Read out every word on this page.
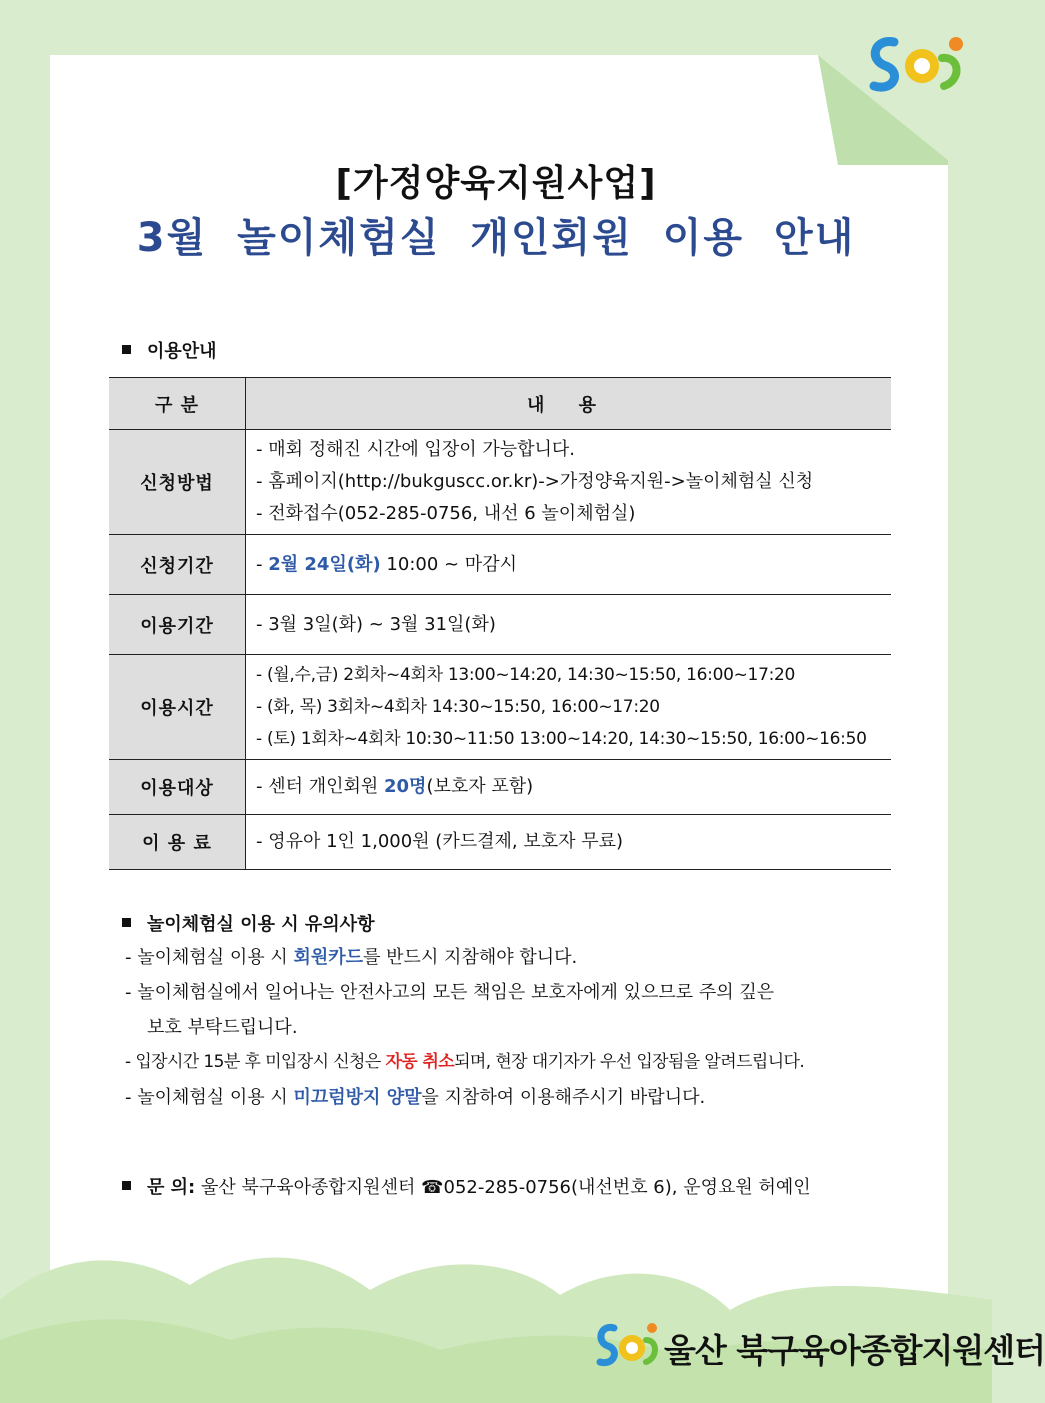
[가정양육지원사업]
3월 놀이체험실 개인회원 이용 안내
이용안내
구 분	내 용
신청방법	- 매회 정해진 시간에 입장이 가능합니다.
- 홈페이지(http://bukguscc.or.kr)->가정양육지원->놀이체험실 신청
- 전화접수(052-285-0756, 내선 6 놀이체험실)

신청기간	- 2월 24일(화) 10:00 ~ 마감시
이용기간	- 3월 3일(화) ~ 3월 31일(화)

이용시간	- (월,수,금) 2회차~4회차 13:00~14:20, 14:30~15:50, 16:00~17:20
- (화, 목) 3회차~4회차 14:30~15:50, 16:00~17:20
- (토) 1회차~4회차 10:30~11:50 13:00~14:20, 14:30~15:50, 16:00~16:50

이용대상	- 센터 개인회원 20명(보호자 포함)
이 용 료	- 영유아 1인 1,000원 (카드결제, 보호자 무료)
놀이체험실 이용 시 유의사항
- 놀이체험실 이용 시 회원카드를 반드시 지참해야 합니다.
- 놀이체험실에서 일어나는 안전사고의 모든 책임은 보호자에게 있으므로 주의 깊은
보호 부탁드립니다.
- 입장시간 15분 후 미입장시 신청은 자동 취소되며, 현장 대기자가 우선 입장됨을 알려드립니다.
- 놀이체험실 이용 시 미끄럼방지 양말을 지참하여 이용해주시기 바랍니다.
문 의: 울산 북구육아종합지원센터 ☎052-285-0756(내선번호 6), 운영요원 허예인
울산 북구육아종합지원센터
